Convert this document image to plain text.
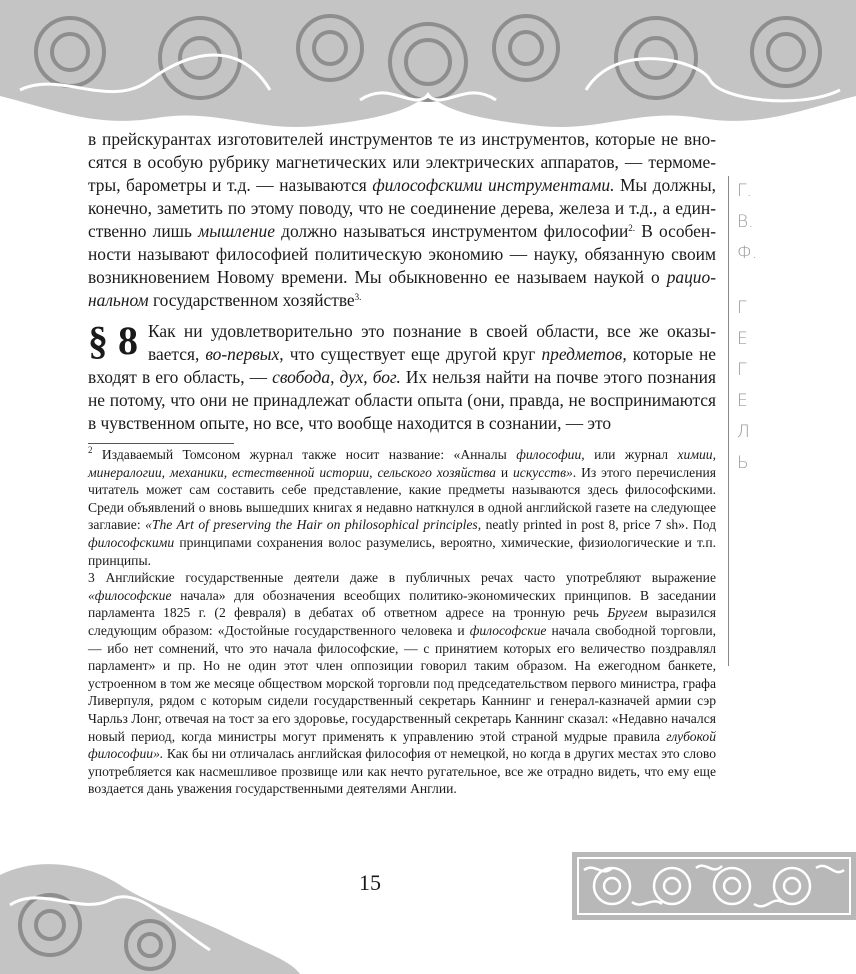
Г.
В.
Ф.
Г
Е
Г
Е
Л
Ь
в прейскурантах изготовителей инструментов те из инструментов, которые не вносятся в особую рубрику магнетических или электрических аппаратов, — термометры, барометры и т.д. — называются философскими инструментами. Мы должны, конечно, заметить по этому поводу, что не соединение дерева, железа и т.д., а единственно лишь мышление должно называться инструментом философии$^{2.}$ В особенности называют философией политическую экономию — науку, обязанную своим возникновением Новому времени. Мы обыкновенно ее называем наукой о рациональном государственном хозяйстве$^{3.}$
§ 8 Как ни удовлетворительно это познание в своей области, все же оказывается, во-первых, что существует еще другой круг предметов, которые не входят в его область, — свобода, дух, бог. Их нельзя найти на почве этого познания не потому, что они не принадлежат области опыта (они, правда, не воспринимаются в чувственном опыте, но все, что вообще находится в сознании, — это

$^2$ Издаваемый Томсоном журнал также носит название: «Анналы философии, или журнал химии, минералогии, механики, естественной истории, сельского хозяйства и искусств». Из этого перечисления читатель может сам составить себе представление, какие предметы называются здесь философскими. Среди объявлений о вновь вышедших книгах я недавно наткнулся в одной английской газете на следующее заглавие: «The Art of preserving the Hair on philosophical principles, neatly printed in post 8, price 7 sh». Под философскими принципами сохранения волос разумелись, вероятно, химические, физиологические и т.п. принципы.

3 Английские государственные деятели даже в публичных речах часто употребляют выражение «философские начала» для обозначения всеобщих политико-экономических принципов. В заседании парламента 1825 г. (2 февраля) в дебатах об ответном адресе на тронную речь Бругем выразился следующим образом: «Достойные государственного человека и философские начала свободной торговли, — ибо нет сомнений, что это начала философские, — с принятием которых его величество поздравлял парламент» и пр. Но не один этот член оппозиции говорил таким образом. На ежегодном банкете, устроенном в том же месяце обществом морской торговли под председательством первого министра, графа Ливерпуля, рядом с которым сидели государственный секретарь Каннинг и генерал-казначей армии сэр Чарльз Лонг, отвечая на тост за его здоровье, государственный секретарь Каннинг сказал: «Недавно начался новый период, когда министры могут применять к управлению этой страной мудрые правила глубокой философии». Как бы ни отличалась английская философия от немецкой, но когда в других местах это слово употребляется как насмешливое прозвище или как нечто ругательное, все же отрадно видеть, что ему еще воздается дань уважения государственными деятелями Англии.

15
